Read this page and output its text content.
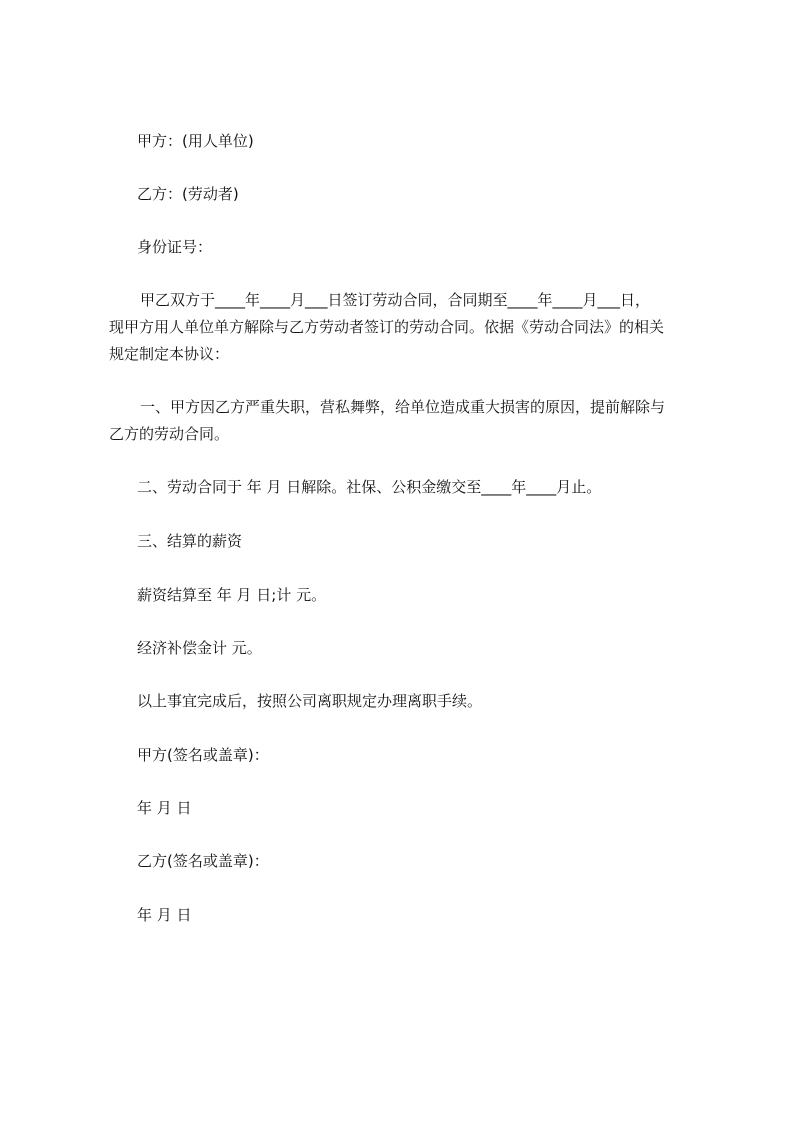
甲方：(用人单位)
乙方：(劳动者)
身份证号：
甲乙双方于____年____月___日签订劳动合同，合同期至____年____月___日，
现甲方用人单位单方解除与乙方劳动者签订的劳动合同。依据《劳动合同法》的相关
规定制定本协议：
一、甲方因乙方严重失职，营私舞弊，给单位造成重大损害的原因，提前解除与
乙方的劳动合同。
二、劳动合同于 年 月 日解除。社保、公积金缴交至____年____月止。
三、结算的薪资
薪资结算至 年 月 日;计 元。
经济补偿金计 元。
以上事宜完成后，按照公司离职规定办理离职手续。
甲方(签名或盖章)：
年 月 日
乙方(签名或盖章)：
年 月 日
